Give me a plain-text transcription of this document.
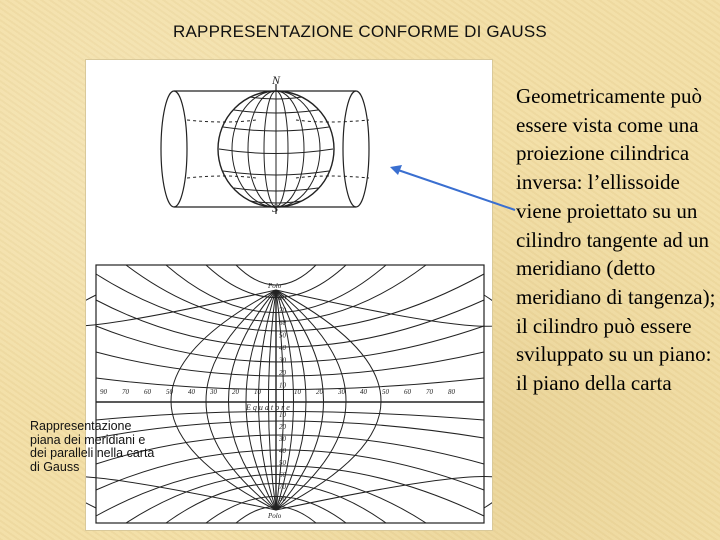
RAPPRESENTAZIONE CONFORME DI GAUSS
N
S
Polo
Polo
E q u a t o r e
80
70
60
50
40
30
20
10
10
20
30
40
50
60
70
80
90 70 60 50 40 30 20 10	10 20 30 40 50 60 70 80
Rappresentazione piana dei meridiani e dei paralleli nella carta di Gauss
Geometricamente può essere vista come una proiezione cilindrica inversa: l’ellissoide viene proiettato su un cilindro tangente ad un meridiano (detto meridiano di tangenza); il cilindro può essere sviluppato su un piano: il piano della carta
